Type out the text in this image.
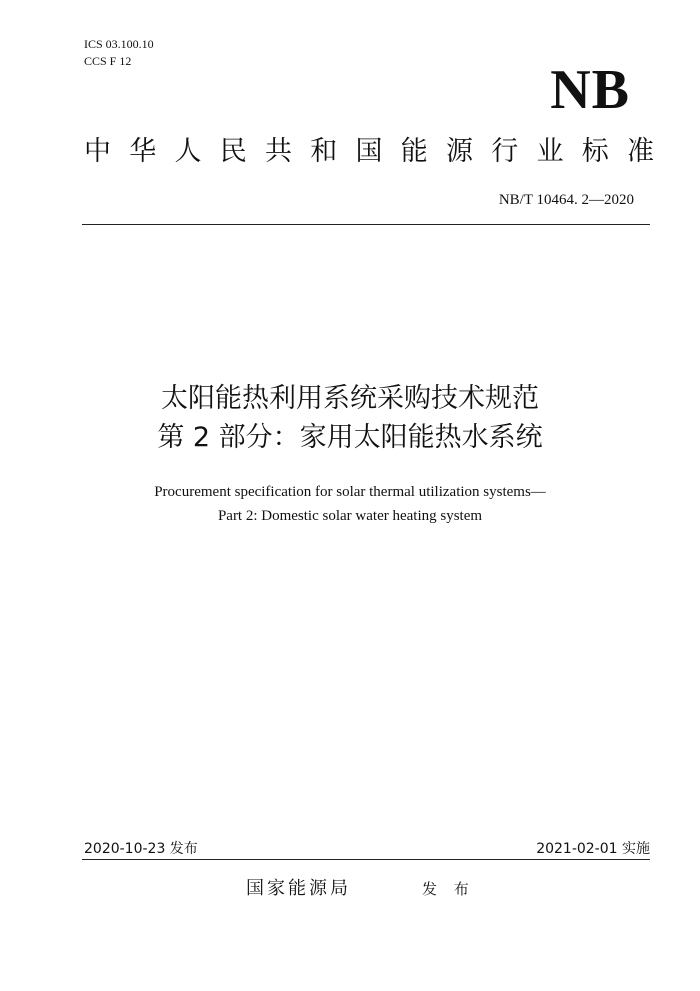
ICS 03.100.10
CCS F 12	NB
中 华 人 民 共 和 国 能 源 行 业 标 准
NB/T 10464. 2—2020
太阳能热利用系统采购技术规范
第 2 部分：家用太阳能热水系统
Procurement specification for solar thermal utilization systems—
Part 2: Domestic solar water heating system
2020-10-23 发布	2021-02-01 实施
国家能源局	发 布
